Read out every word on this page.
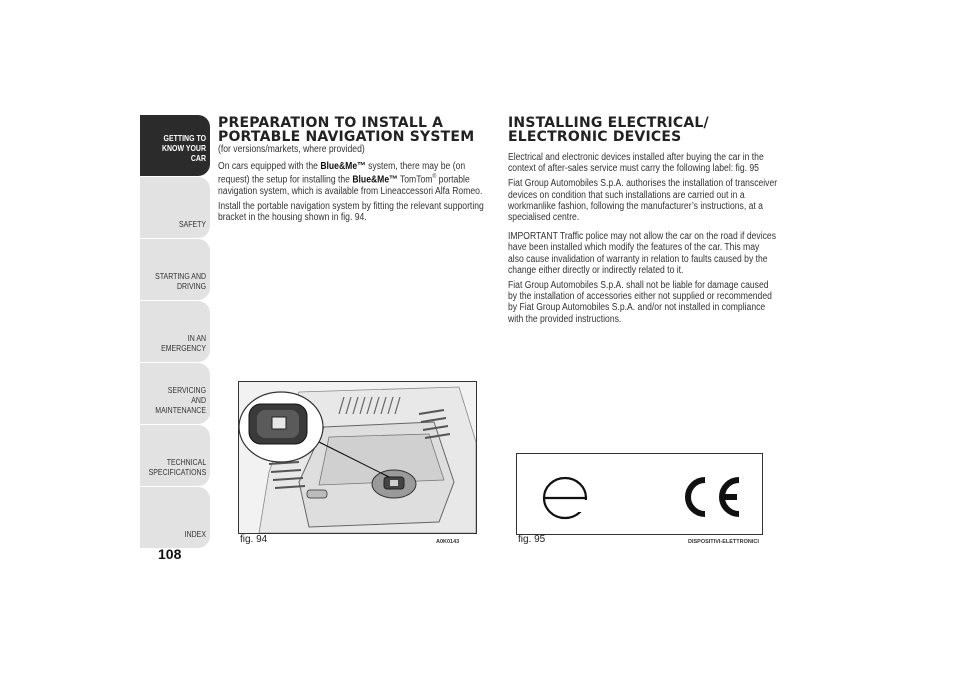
GETTING TO
KNOW YOUR CAR
SAFETY
STARTING AND
DRIVING
IN AN EMERGENCY
SERVICING AND
MAINTENANCE
TECHNICAL
SPECIFICATIONS
INDEX
108
PREPARATION TO INSTALL A
PORTABLE NAVIGATION SYSTEM

(for versions/markets, where provided)

On cars equipped with the Blue&Me™ system, there may be (on request) the setup for installing the Blue&Me™ TomTom® portable navigation system, which is available from Lineaccessori Alfa Romeo.

Install the portable navigation system by fitting the relevant supporting bracket in the housing shown in fig. 94.

INSTALLING ELECTRICAL/
ELECTRONIC DEVICES

Electrical and electronic devices installed after buying the car in the context of after-sales service must carry the following label: fig. 95

Fiat Group Automobiles S.p.A. authorises the installation of transceiver devices on condition that such installations are carried out in a workmanlike fashion, following the manufacturer’s instructions, at a specialised centre.

IMPORTANT Traffic police may not allow the car on the road if devices have been installed which modify the features of the car. This may also cause invalidation of warranty in relation to faults caused by the change either directly or indirectly related to it.

Fiat Group Automobiles S.p.A. shall not be liable for damage caused by the installation of accessories either not supplied or recommended by Fiat Group Automobiles S.p.A. and/or not installed in compliance with the provided instructions.

fig. 94	A0K0143	fig. 95	DISPOSITIVI-ELETTRONICI
